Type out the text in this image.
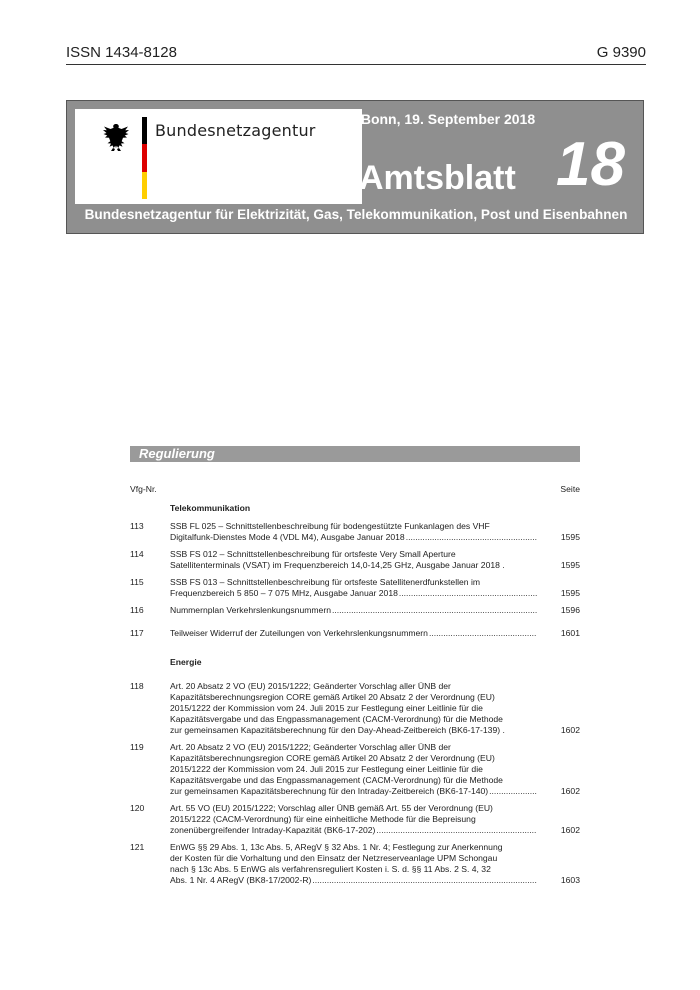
ISSN 1434-8128	G 9390
Bundesnetzagentur
Bonn, 19. September 2018
Amtsblatt 18
Bundesnetzagentur für Elektrizität, Gas, Telekommunikation, Post und Eisenbahnen
Regulierung
Vfg-Nr.	Seite
Telekommunikation
113	SSB FL 025 – Schnittstellenbeschreibung für bodengestützte Funkanlagen des VHF
Digitalfunk-Dienstes Mode 4 (VDL M4), Ausgabe Januar 2018 .....	1595
114	SSB FS 012 – Schnittstellenbeschreibung für ortsfeste Very Small Aperture
Satellitenterminals (VSAT) im Frequenzbereich 14,0-14,25 GHz, Ausgabe Januar 2018 .	1595
115	SSB FS 013 – Schnittstellenbeschreibung für ortsfeste Satellitenerdfunkstellen im
Frequenzbereich 5 850 – 7 075 MHz, Ausgabe Januar 2018 .....	1595
116	Nummernplan Verkehrslenkungsnummern .....	1596
117	Teilweiser Widerruf der Zuteilungen von Verkehrslenkungsnummern .....	1601
Energie
118	Art. 20 Absatz 2 VO (EU) 2015/1222; Geänderter Vorschlag aller ÜNB der
Kapazitätsberechnungsregion CORE gemäß Artikel 20 Absatz 2 der Verordnung (EU)
2015/1222 der Kommission vom 24. Juli 2015 zur Festlegung einer Leitlinie für die
Kapazitätsvergabe und das Engpassmanagement (CACM-Verordnung) für die Methode
zur gemeinsamen Kapazitätsberechnung für den Day-Ahead-Zeitbereich (BK6-17-139) .	1602
119	Art. 20 Absatz 2 VO (EU) 2015/1222; Geänderter Vorschlag aller ÜNB der
Kapazitätsberechnungsregion CORE gemäß Artikel 20 Absatz 2 der Verordnung (EU)
2015/1222 der Kommission vom 24. Juli 2015 zur Festlegung einer Leitlinie für die
Kapazitätsvergabe und das Engpassmanagement (CACM-Verordnung) für die Methode
zur gemeinsamen Kapazitätsberechnung für den Intraday-Zeitbereich (BK6-17-140) .....	1602
120	Art. 55 VO (EU) 2015/1222; Vorschlag aller ÜNB gemäß Art. 55 der Verordnung (EU)
2015/1222 (CACM-Verordnung) für eine einheitliche Methode für die Bepreisung
zonenübergreifender Intraday-Kapazität (BK6-17-202) .....	1602
121	EnWG §§ 29 Abs. 1, 13c Abs. 5, ARegV § 32 Abs. 1 Nr. 4; Festlegung zur Anerkennung
der Kosten für die Vorhaltung und den Einsatz der Netzreserveanlage UPM Schongau
nach § 13c Abs. 5 EnWG als verfahrensreguliert Kosten i. S. d. §§ 11 Abs. 2 S. 4, 32
Abs. 1 Nr. 4 ARegV (BK8-17/2002-R) .....	1603
